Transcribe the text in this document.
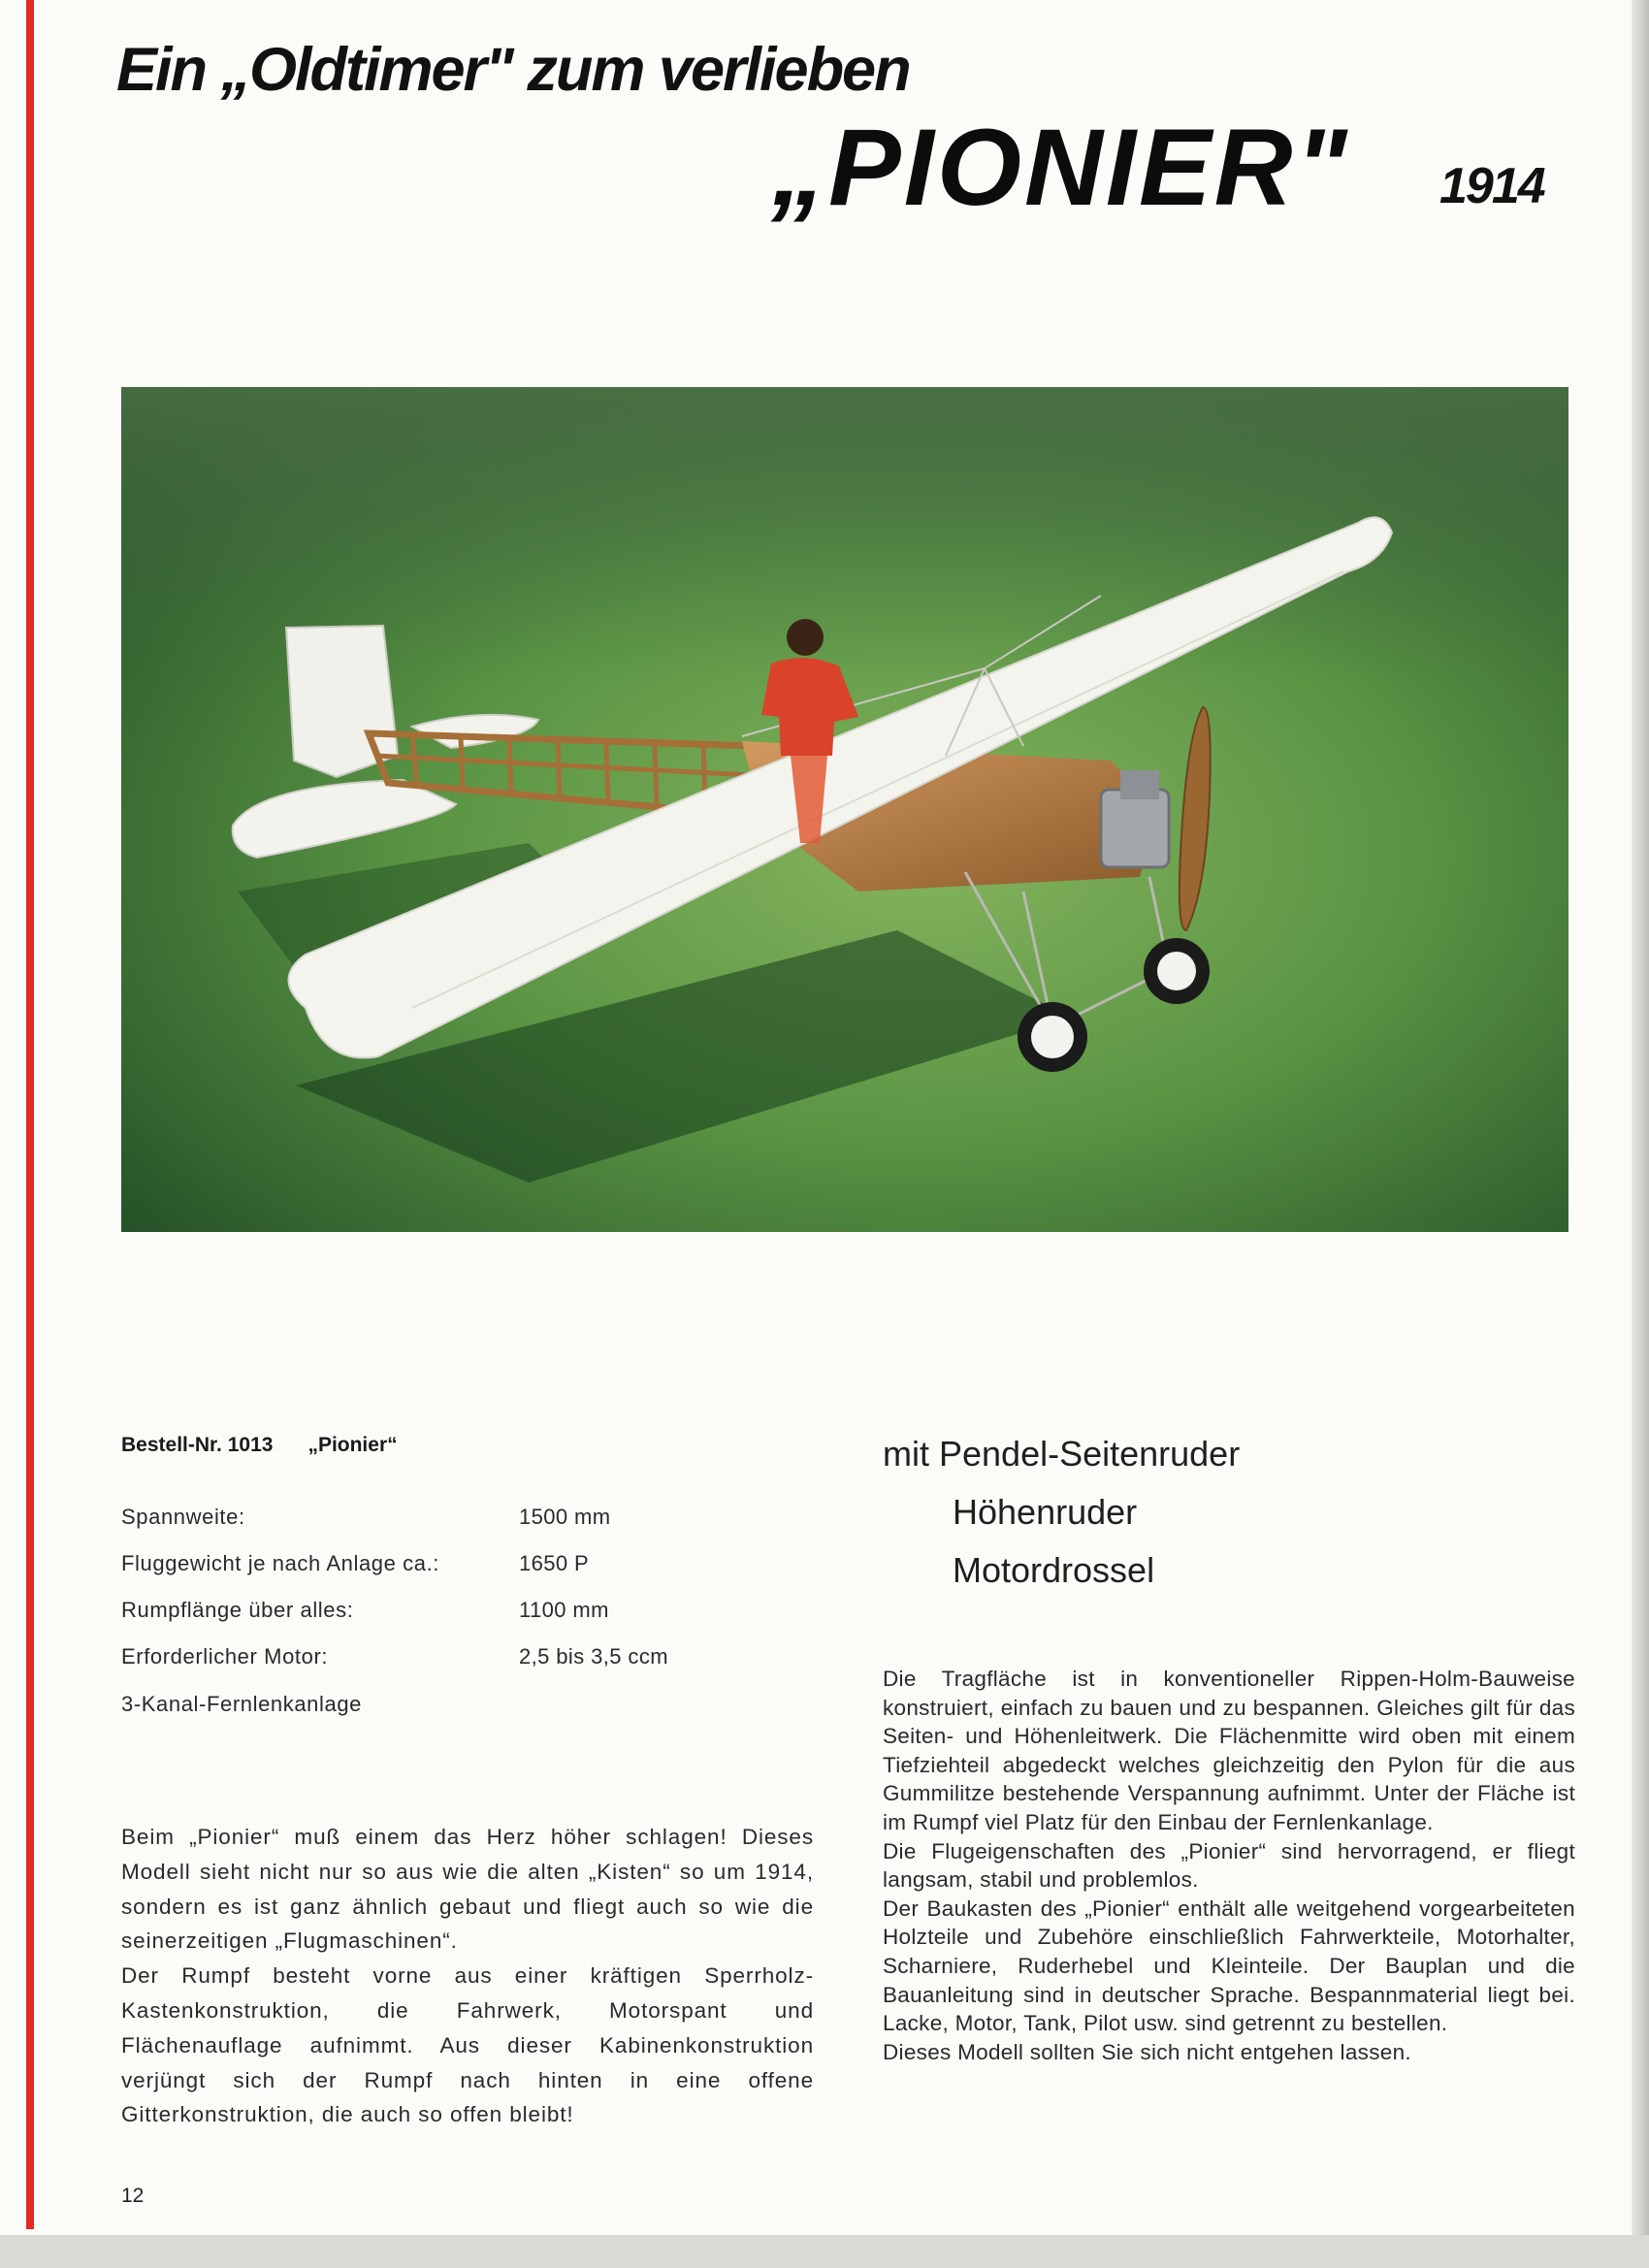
Ein „Oldtimer" zum verlieben
„PIONIER" 1914
Bestell-Nr. 1013 „Pionier“
Spannweite:	1500 mm
Fluggewicht je nach Anlage ca.:	1650 P
Rumpflänge über alles:	1100 mm
Erforderlicher Motor:	2,5 bis 3,5 ccm
3-Kanal-Fernlenkanlage
mit Pendel-Seitenruder
Höhenruder
Motordrossel

Beim „Pionier“ muß einem das Herz höher schlagen! Dieses Modell sieht nicht nur so aus wie die alten „Kisten“ so um 1914, sondern es ist ganz ähnlich gebaut und fliegt auch so wie die seinerzeitigen „Flugmaschinen“.

Der Rumpf besteht vorne aus einer kräftigen Sperrholz-Kastenkonstruktion, die Fahrwerk, Motorspant und Flächenauflage aufnimmt. Aus dieser Kabinenkonstruktion verjüngt sich der Rumpf nach hinten in eine offene Gitterkonstruktion, die auch so offen bleibt!

Die Tragfläche ist in konventioneller Rippen-Holm-Bauweise konstruiert, einfach zu bauen und zu bespannen. Gleiches gilt für das Seiten- und Höhenleitwerk. Die Flächenmitte wird oben mit einem Tiefziehteil abgedeckt welches gleichzeitig den Pylon für die aus Gummilitze bestehende Verspannung aufnimmt. Unter der Fläche ist im Rumpf viel Platz für den Einbau der Fernlenkanlage.

Die Flugeigenschaften des „Pionier“ sind hervorragend, er fliegt langsam, stabil und problemlos.

Der Baukasten des „Pionier“ enthält alle weitgehend vorgearbeiteten Holzteile und Zubehöre einschließlich Fahrwerkteile, Motorhalter, Scharniere, Ruderhebel und Kleinteile. Der Bauplan und die Bauanleitung sind in deutscher Sprache. Bespannmaterial liegt bei. Lacke, Motor, Tank, Pilot usw. sind getrennt zu bestellen.

Dieses Modell sollten Sie sich nicht entgehen lassen.

12
